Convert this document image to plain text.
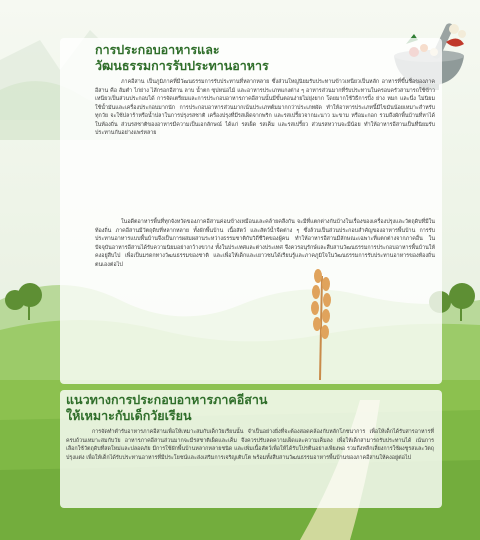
การประกอบอาหารและ
วัฒนธรรมการรับประทานอาหาร

ภาคอีสาน เป็นภูมิภาคที่มีวัฒนธรรมการรับประทานที่หลากหลาย ซึ่งส่วนใหญ่นิยมรับประทานข้าวเหนียวเป็นหลัก อาหารที่ขึ้นชื่อของภาคอีสาน คือ ส้มตำ ไก่ย่าง ไส้กรอกอีสาน ลาบ น้ำตก ซุปหน่อไม้ และอาหารประเภทแกงต่าง ๆ อาหารส่วนมากที่รับประทานในครอบครัวสามารถใช้ข้าวเหนียวเป็นส่วนประกอบได้ การจัดเตรียมและการประกอบอาหารภาคอีสานนั้นมีขั้นตอนง่ายไม่ยุ่งยาก โดยมากใช้วิธีการปิ้ง ย่าง หมก และนึ่ง ไม่นิยมใช้น้ำมันและเครื่องประกอบมากนัก การประกอบอาหารส่วนมากเน้นประเภทต้มมากกว่าประเภทผัด ทำให้อาหารประเภทนี้มีไขมันน้อยเหมาะสำหรับทุกวัย จะใช้ปลาร้าหรือน้ำปลาในการปรุงรสชาติ เครื่องปรุงที่มีรสเผ็ดจากพริก และรสเปรี้ยวจากมะนาว มะขาม หรือมะกอก รวมถึงผักพื้นบ้านที่หาได้ในท้องถิ่น ส่วนรสชาติของอาหารมีความเป็นเอกลักษณ์ ได้แก่ รสเผ็ด รสเค็ม และรสเปรี้ยว ส่วนรสหวานจะมีน้อย ทำให้อาหารอีสานเป็นที่นิยมรับประทานกันอย่างแพร่หลาย

ในอดีตอาหารพื้นที่ทุกจังหวัดของภาคอีสานค่อนข้างเหมือนและคล้ายคลึงกัน จะมีที่แตกต่างกันบ้างในเรื่องของเครื่องปรุงและวัตถุดิบที่มีในท้องถิ่น ภาคอีสานมีวัตถุดิบที่หลากหลาย ทั้งผักพื้นบ้าน เนื้อสัตว์ และสัตว์น้ำจืดต่าง ๆ ซึ่งล้วนเป็นส่วนประกอบสำคัญของอาหารพื้นบ้าน การรับประทานอาหารแบบพื้นบ้านจึงเป็นการผสมผสานระหว่างธรรมชาติกับวิถีชีวิตของผู้คน ทำให้อาหารอีสานมีลักษณะเฉพาะที่แตกต่างจากภาคอื่น ในปัจจุบันอาหารอีสานได้รับความนิยมอย่างกว้างขวาง ทั้งในประเทศและต่างประเทศ จึงควรอนุรักษ์และสืบสานวัฒนธรรมการประกอบอาหารพื้นบ้านให้คงอยู่สืบไป เพื่อเป็นมรดกทางวัฒนธรรมของชาติ และเพื่อให้เด็กและเยาวชนได้เรียนรู้และภาคภูมิใจในวัฒนธรรมการรับประทานอาหารของท้องถิ่นตนเองต่อไป

แนวทางการประกอบอาหารภาคอีสาน
ให้เหมาะกับเด็กวัยเรียน

การจัดทำตำรับอาหารภาคอีสานเพื่อให้เหมาะสมกับเด็กวัยเรียนนั้น จำเป็นอย่างยิ่งที่จะต้องสอดคล้องกับหลักโภชนาการ เพื่อให้เด็กได้รับสารอาหารที่ครบถ้วนเหมาะสมกับวัย อาหารภาคอีสานส่วนมากจะมีรสชาติเผ็ดและเค็ม จึงควรปรับลดความเผ็ดและความเค็มลง เพื่อให้เด็กสามารถรับประทานได้ เน้นการเลือกใช้วัตถุดิบที่สดใหม่และปลอดภัย มีการใช้ผักพื้นบ้านหลากหลายชนิด และเพิ่มเนื้อสัตว์เพื่อให้ได้รับโปรตีนอย่างเพียงพอ รวมถึงหลีกเลี่ยงการใช้ผงชูรสและวัตถุปรุงแต่ง เพื่อให้เด็กได้รับประทานอาหารที่มีประโยชน์และส่งเสริมการเจริญเติบโต พร้อมทั้งสืบสานวัฒนธรรมอาหารพื้นบ้านของภาคอีสานให้คงอยู่ต่อไป
